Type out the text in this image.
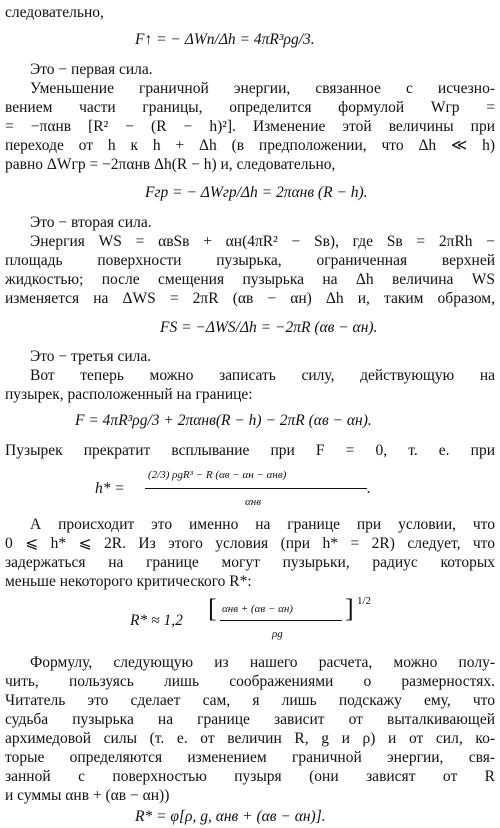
следовательно,
F↑ = − ΔWп/Δh = 4πR³ρg/3.
Это − первая сила.
Уменьшение граничной энергии, связанное с исчезно-
вением части границы, определится формулой Wгр =
= −παнв [R² − (R − h)²]. Изменение этой величины при
переходе от h к h + Δh (в предположении, что Δh ≪ h)
равно ΔWгр = −2παнв Δh(R − h) и, следовательно,
Fгр = − ΔWгр/Δh = 2παнв (R − h).
Это − вторая сила.
Энергия WS = αвSв + αн(4πR² − Sв), где Sв = 2πRh −
площадь поверхности пузырька, ограниченная верхней
жидкостью; после смещения пузырька на Δh величина WS
изменяется на ΔWS = 2πR (αв − αн) Δh и, таким образом,
FS = −ΔWS/Δh = −2πR (αв − αн).
Это − третья сила.
Вот теперь можно записать силу, действующую на
пузырек, расположенный на границе:
F = 4πR³ρg/3 + 2παнв(R − h) − 2πR (αв − αн).
Пузырек прекратит всплывание при F = 0, т. е. при
h* =
(2/3) ρgR³ − R (αв − αн − αнв)
αнв
.
А происходит это именно на границе при условии, что
0 ⩽ h* ⩽ 2R. Из этого условия (при h* = 2R) следует, что
задержаться на границе могут пузырьки, радиус которых
меньше некоторого критического R*:
R* ≈ 1,2 [ αнв + (αв − αн)
ρg
] 1/2
Формулу, следующую из нашего расчета, можно полу-
чить, пользуясь лишь соображениями о размерностях.
Читатель это сделает сам, я лишь подскажу ему, что
судьба пузырька на границе зависит от выталкивающей
архимедовой силы (т. е. от величин R, g и ρ) и от сил, ко-
торые определяются изменением граничной энергии, свя-
занной с поверхностью пузыря (они зависят от R
и суммы αнв + (αв − αн))
R* = φ[ρ, g, αнв + (αв − αн)].
